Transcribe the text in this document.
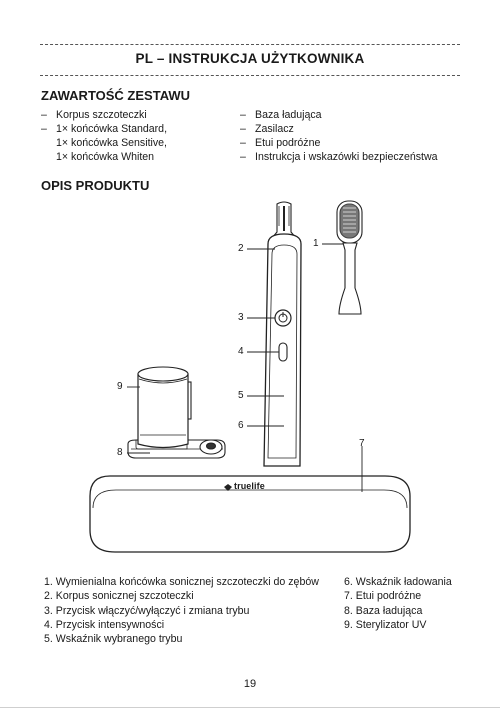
PL – INSTRUKCJA UŻYTKOWNIKA
ZAWARTOŚĆ ZESTAWU
– Korpus szczoteczki
– 1× końcówka Standard,
1× końcówka Sensitive,
1× końcówka Whiten
– Baza ładująca
– Zasilacz
– Etui podróżne
– Instrukcja i wskazówki bezpieczeństwa
OPIS PRODUKTU
1
2
3
4
5
6
7
8
9
truelife
1. Wymienialna końcówka sonicznej szczoteczki do zębów
2. Korpus sonicznej szczoteczki
3. Przycisk włączyć/wyłączyć i zmiana trybu
4. Przycisk intensywności
5. Wskaźnik wybranego trybu
6. Wskaźnik ładowania
7. Etui podróżne
8. Baza ładująca
9. Sterylizator UV
19
